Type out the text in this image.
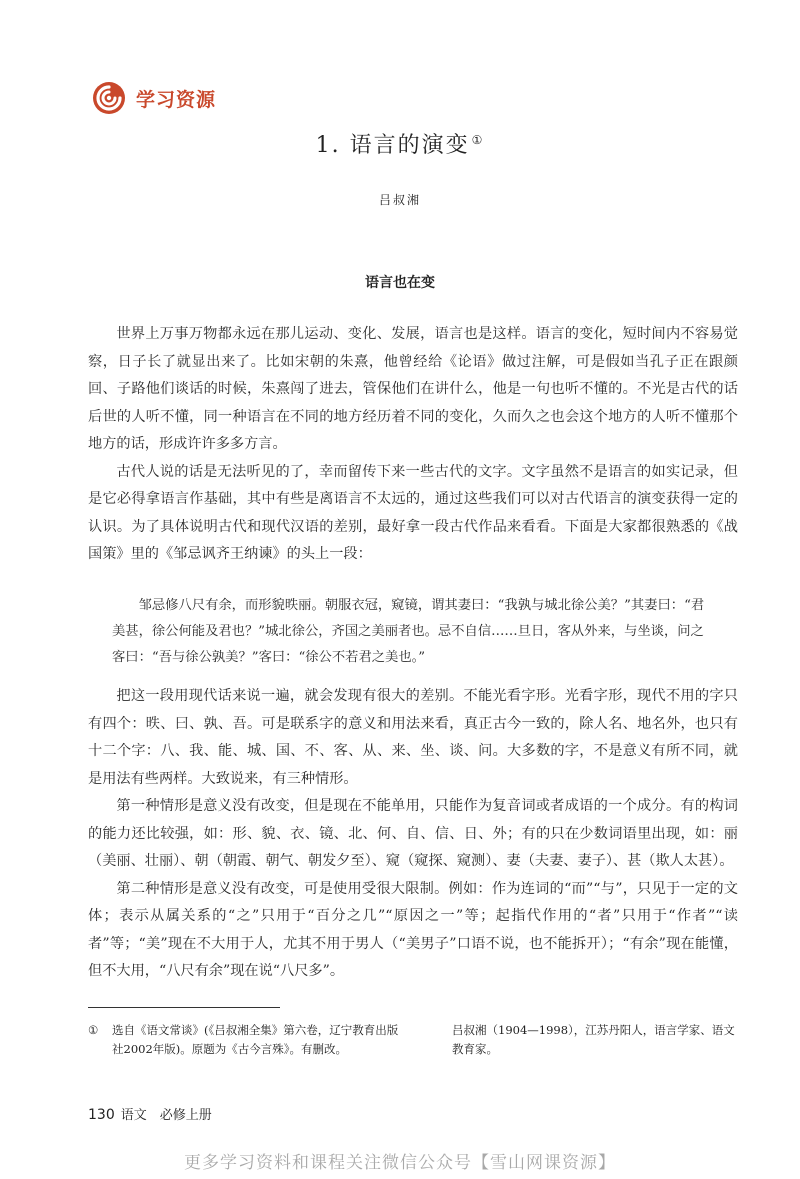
学习资源
1. 语言的演变 ①
吕叔湘
语言也在变

世界上万事万物都永远在那儿运动、变化、发展，语言也是这样。语言的变化，短时间内不容易觉察，日子长了就显出来了。比如宋朝的朱熹，他曾经给《论语》做过注解，可是假如当孔子正在跟颜回、子路他们谈话的时候，朱熹闯了进去，管保他们在讲什么，他是一句也听不懂的。不光是古代的话后世的人听不懂，同一种语言在不同的地方经历着不同的变化，久而久之也会这个地方的人听不懂那个地方的话，形成许许多多方言。

古代人说的话是无法听见的了，幸而留传下来一些古代的文字。文字虽然不是语言的如实记录，但是它必得拿语言作基础，其中有些是离语言不太远的，通过这些我们可以对古代语言的演变获得一定的认识。为了具体说明古代和现代汉语的差别，最好拿一段古代作品来看看。下面是大家都很熟悉的《战国策》里的《邹忌讽齐王纳谏》的头上一段：

邹忌修八尺有余，而形貌昳丽。朝服衣冠，窥镜，谓其妻曰：“我孰与城北徐公美？”其妻曰：“君美甚，徐公何能及君也？”城北徐公，齐国之美丽者也。忌不自信……旦日，客从外来，与坐谈，问之客曰：“吾与徐公孰美？”客曰：“徐公不若君之美也。”

把这一段用现代话来说一遍，就会发现有很大的差别。不能光看字形。光看字形，现代不用的字只有四个：昳、曰、孰、吾。可是联系字的意义和用法来看，真正古今一致的，除人名、地名外，也只有十二个字：八、我、能、城、国、不、客、从、来、坐、谈、问。大多数的字，不是意义有所不同，就是用法有些两样。大致说来，有三种情形。

第一种情形是意义没有改变，但是现在不能单用，只能作为复音词或者成语的一个成分。有的构词的能力还比较强，如：形、貌、衣、镜、北、何、自、信、日、外；有的只在少数词语里出现，如：丽（美丽、壮丽）、朝（朝霞、朝气、朝发夕至）、窥（窥探、窥测）、妻（夫妻、妻子）、甚（欺人太甚）。

第二种情形是意义没有改变，可是使用受很大限制。例如：作为连词的“而”“与”，只见于一定的文体；表示从属关系的“之”只用于“百分之几”“原因之一”等；起指代作用的“者”只用于“作者”“读者”等；“美”现在不大用于人，尤其不用于男人（“美男子”口语不说，也不能拆开）；“有余”现在能懂，但不大用，“八尺有余”现在说“八尺多”。

①	选自《语文常谈》(《吕叔湘全集》第六卷，辽宁教育出版社2002年版)。原题为《古今言殊》。有删改。
吕叔湘（1904—1998），江苏丹阳人，语言学家、语文教育家。
130 语文　必修上册
更多学习资料和课程关注微信公众号【雪山网课资源】
